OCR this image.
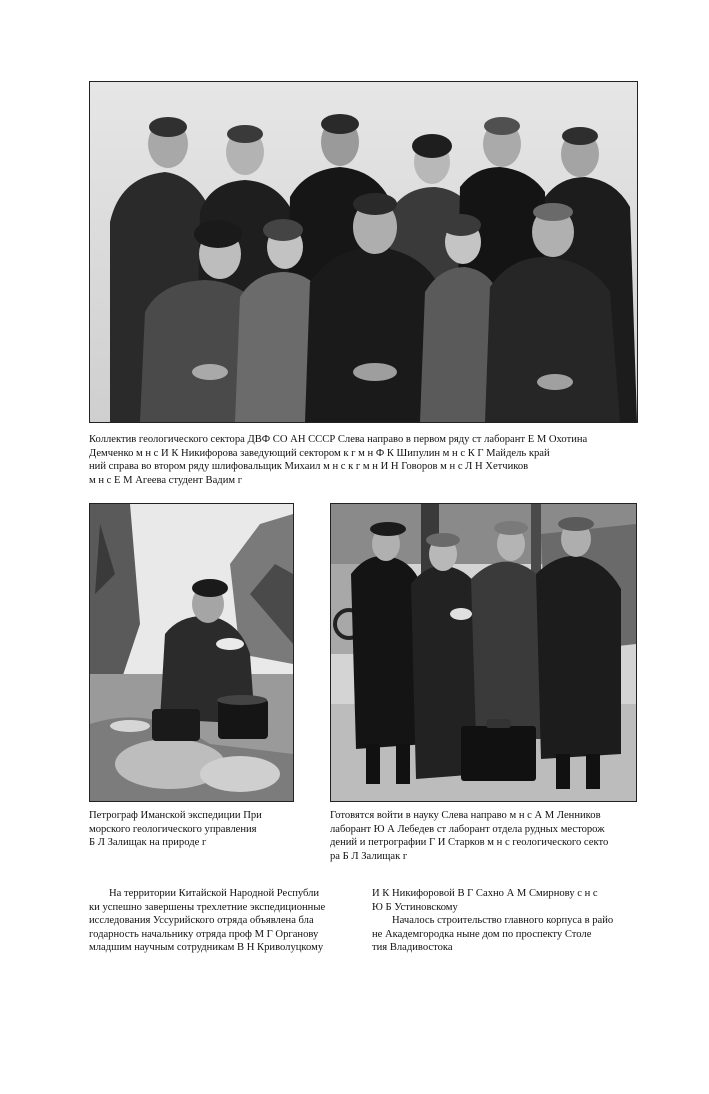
Коллектив геологического сектора ДВФ СО АН СССР Слева направо в первом ряду ст лаборант Е М Охотина
Демченко м н с И К Никифорова заведующий сектором к г м н Ф К Шипулин м н с К Г Майдель край
ний справа во втором ряду шлифовальщик Михаил м н с к г м н И Н Говоров м н с Л Н Хетчиков
м н с Е М Агеева студент Вадим г
Петрограф Иманской экспедиции При
морского геологического управления
Б Л Залищак на природе г
Готовятся войти в науку Слева направо м н с А М Ленников
лаборант Ю А Лебедев ст лаборант отдела рудных месторож
дений и петрографии Г И Старков м н с геологического секто
ра Б Л Залищак г
На территории Китайской Народной Республи
ки успешно завершены трехлетние экспедиционные
исследования Уссурийского отряда объявлена бла
годарность начальнику отряда проф М Г Органову
младшим научным сотрудникам В Н Криволуцкому
И К Никифоровой В Г Сахно А М Смирнову с н с
Ю Б Устиновскому
Началось строительство главного корпуса в райо
не Академгородка ныне дом по проспекту Столе
тия Владивостока
